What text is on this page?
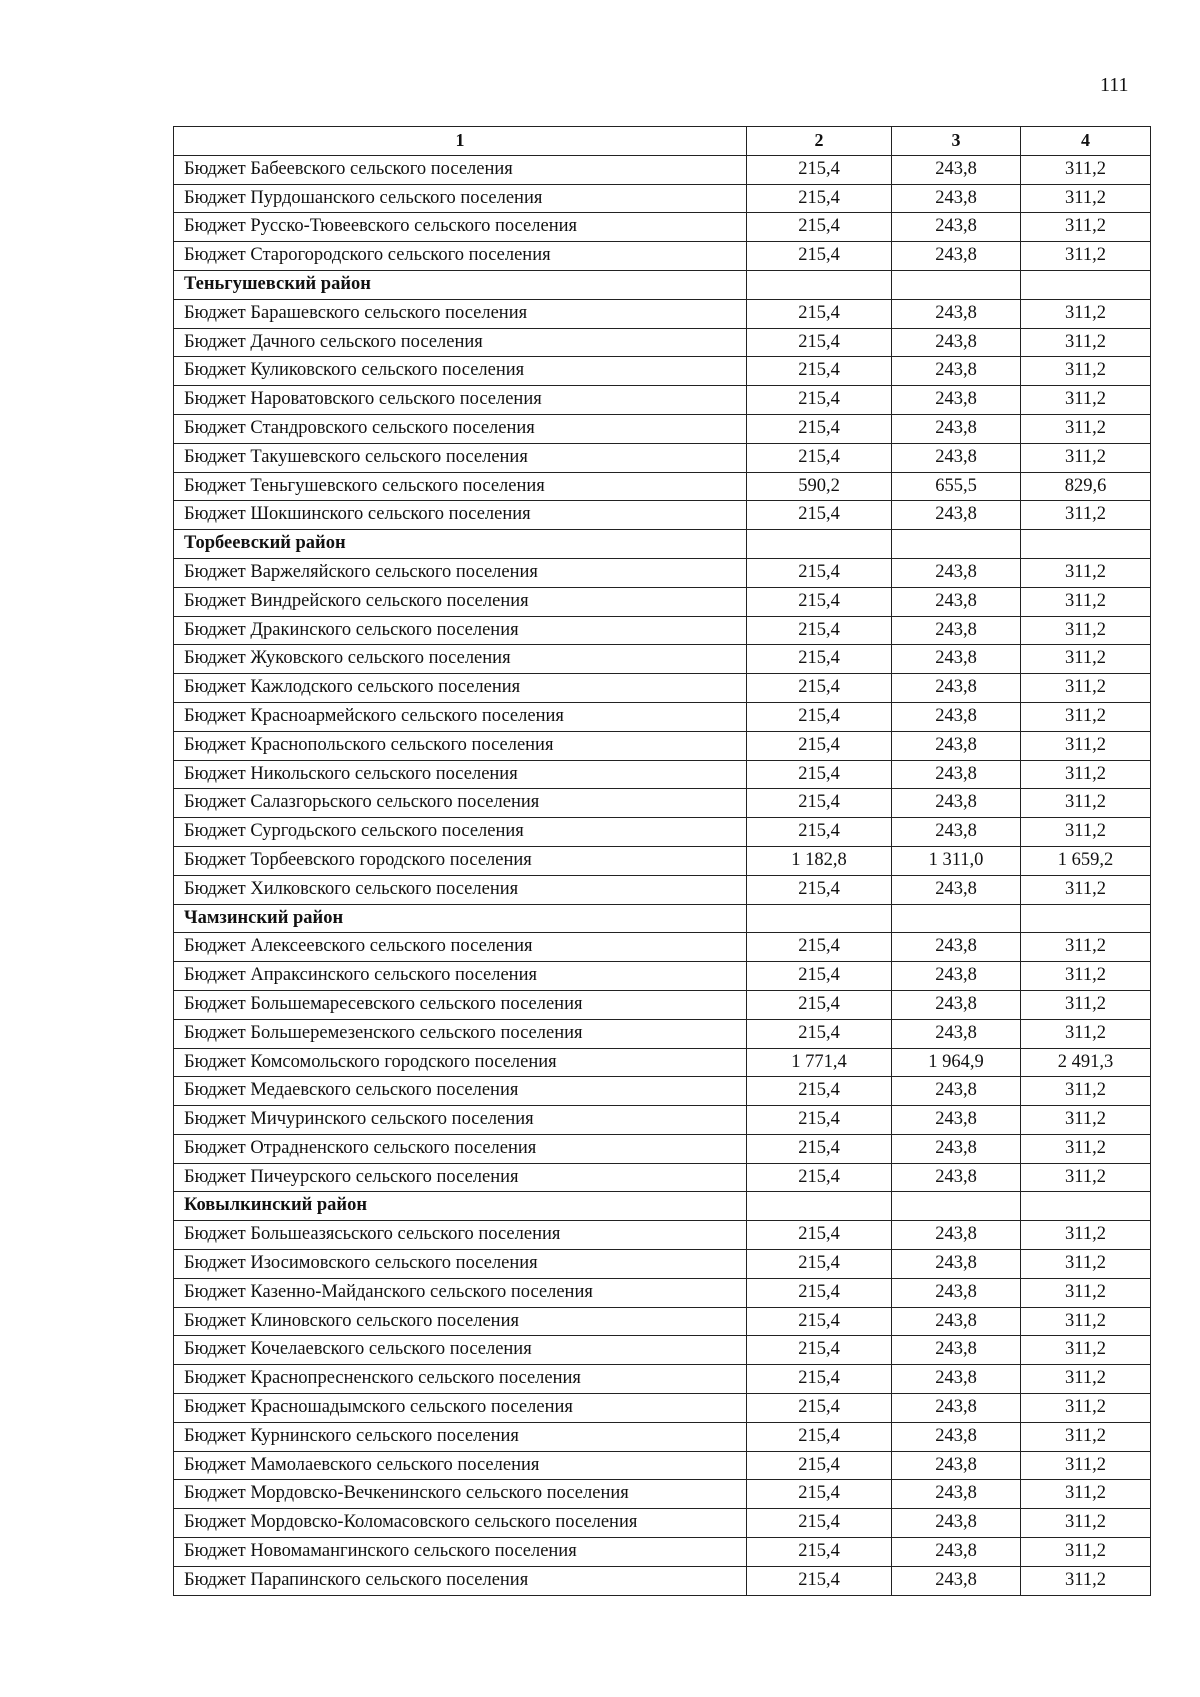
111
1	2	3	4
Бюджет Бабеевского сельского поселения	215,4	243,8	311,2
Бюджет Пурдошанского сельского поселения	215,4	243,8	311,2
Бюджет Русско-Тювеевского сельского поселения	215,4	243,8	311,2
Бюджет Старогородского сельского поселения	215,4	243,8	311,2
Теньгушевский район			
Бюджет Барашевского сельского поселения	215,4	243,8	311,2
Бюджет Дачного сельского поселения	215,4	243,8	311,2
Бюджет Куликовского сельского поселения	215,4	243,8	311,2
Бюджет Нароватовского сельского поселения	215,4	243,8	311,2
Бюджет Стандровского сельского поселения	215,4	243,8	311,2
Бюджет Такушевского сельского поселения	215,4	243,8	311,2
Бюджет Теньгушевского сельского поселения	590,2	655,5	829,6
Бюджет Шокшинского сельского поселения	215,4	243,8	311,2
Торбеевский район			
Бюджет Варжеляйского сельского поселения	215,4	243,8	311,2
Бюджет Виндрейского сельского поселения	215,4	243,8	311,2
Бюджет Дракинского сельского поселения	215,4	243,8	311,2
Бюджет Жуковского сельского поселения	215,4	243,8	311,2
Бюджет Кажлодского сельского поселения	215,4	243,8	311,2
Бюджет Красноармейского сельского поселения	215,4	243,8	311,2
Бюджет Краснопольского сельского поселения	215,4	243,8	311,2
Бюджет Никольского сельского поселения	215,4	243,8	311,2
Бюджет Салазгорьского сельского поселения	215,4	243,8	311,2
Бюджет Сургодьского сельского поселения	215,4	243,8	311,2
Бюджет Торбеевского городского поселения	1 182,8	1 311,0	1 659,2
Бюджет Хилковского сельского поселения	215,4	243,8	311,2
Чамзинский район			
Бюджет Алексеевского сельского поселения	215,4	243,8	311,2
Бюджет Апраксинского сельского поселения	215,4	243,8	311,2
Бюджет Большемаресевского сельского поселения	215,4	243,8	311,2
Бюджет Большеремезенского сельского поселения	215,4	243,8	311,2
Бюджет Комсомольского городского поселения	1 771,4	1 964,9	2 491,3
Бюджет Медаевского сельского поселения	215,4	243,8	311,2
Бюджет Мичуринского сельского поселения	215,4	243,8	311,2
Бюджет Отрадненского сельского поселения	215,4	243,8	311,2
Бюджет Пичеурского сельского поселения	215,4	243,8	311,2
Ковылкинский район			
Бюджет Большеазясьского сельского поселения	215,4	243,8	311,2
Бюджет Изосимовского сельского поселения	215,4	243,8	311,2
Бюджет Казенно-Майданского сельского поселения	215,4	243,8	311,2
Бюджет Клиновского сельского поселения	215,4	243,8	311,2
Бюджет Кочелаевского сельского поселения	215,4	243,8	311,2
Бюджет Краснопресненского сельского поселения	215,4	243,8	311,2
Бюджет Красношадымского сельского поселения	215,4	243,8	311,2
Бюджет Курнинского сельского поселения	215,4	243,8	311,2
Бюджет Мамолаевского сельского поселения	215,4	243,8	311,2
Бюджет Мордовско-Вечкенинского сельского поселения	215,4	243,8	311,2
Бюджет Мордовско-Коломасовского сельского поселения	215,4	243,8	311,2
Бюджет Новомамангинского сельского поселения	215,4	243,8	311,2
Бюджет Парапинского сельского поселения	215,4	243,8	311,2
